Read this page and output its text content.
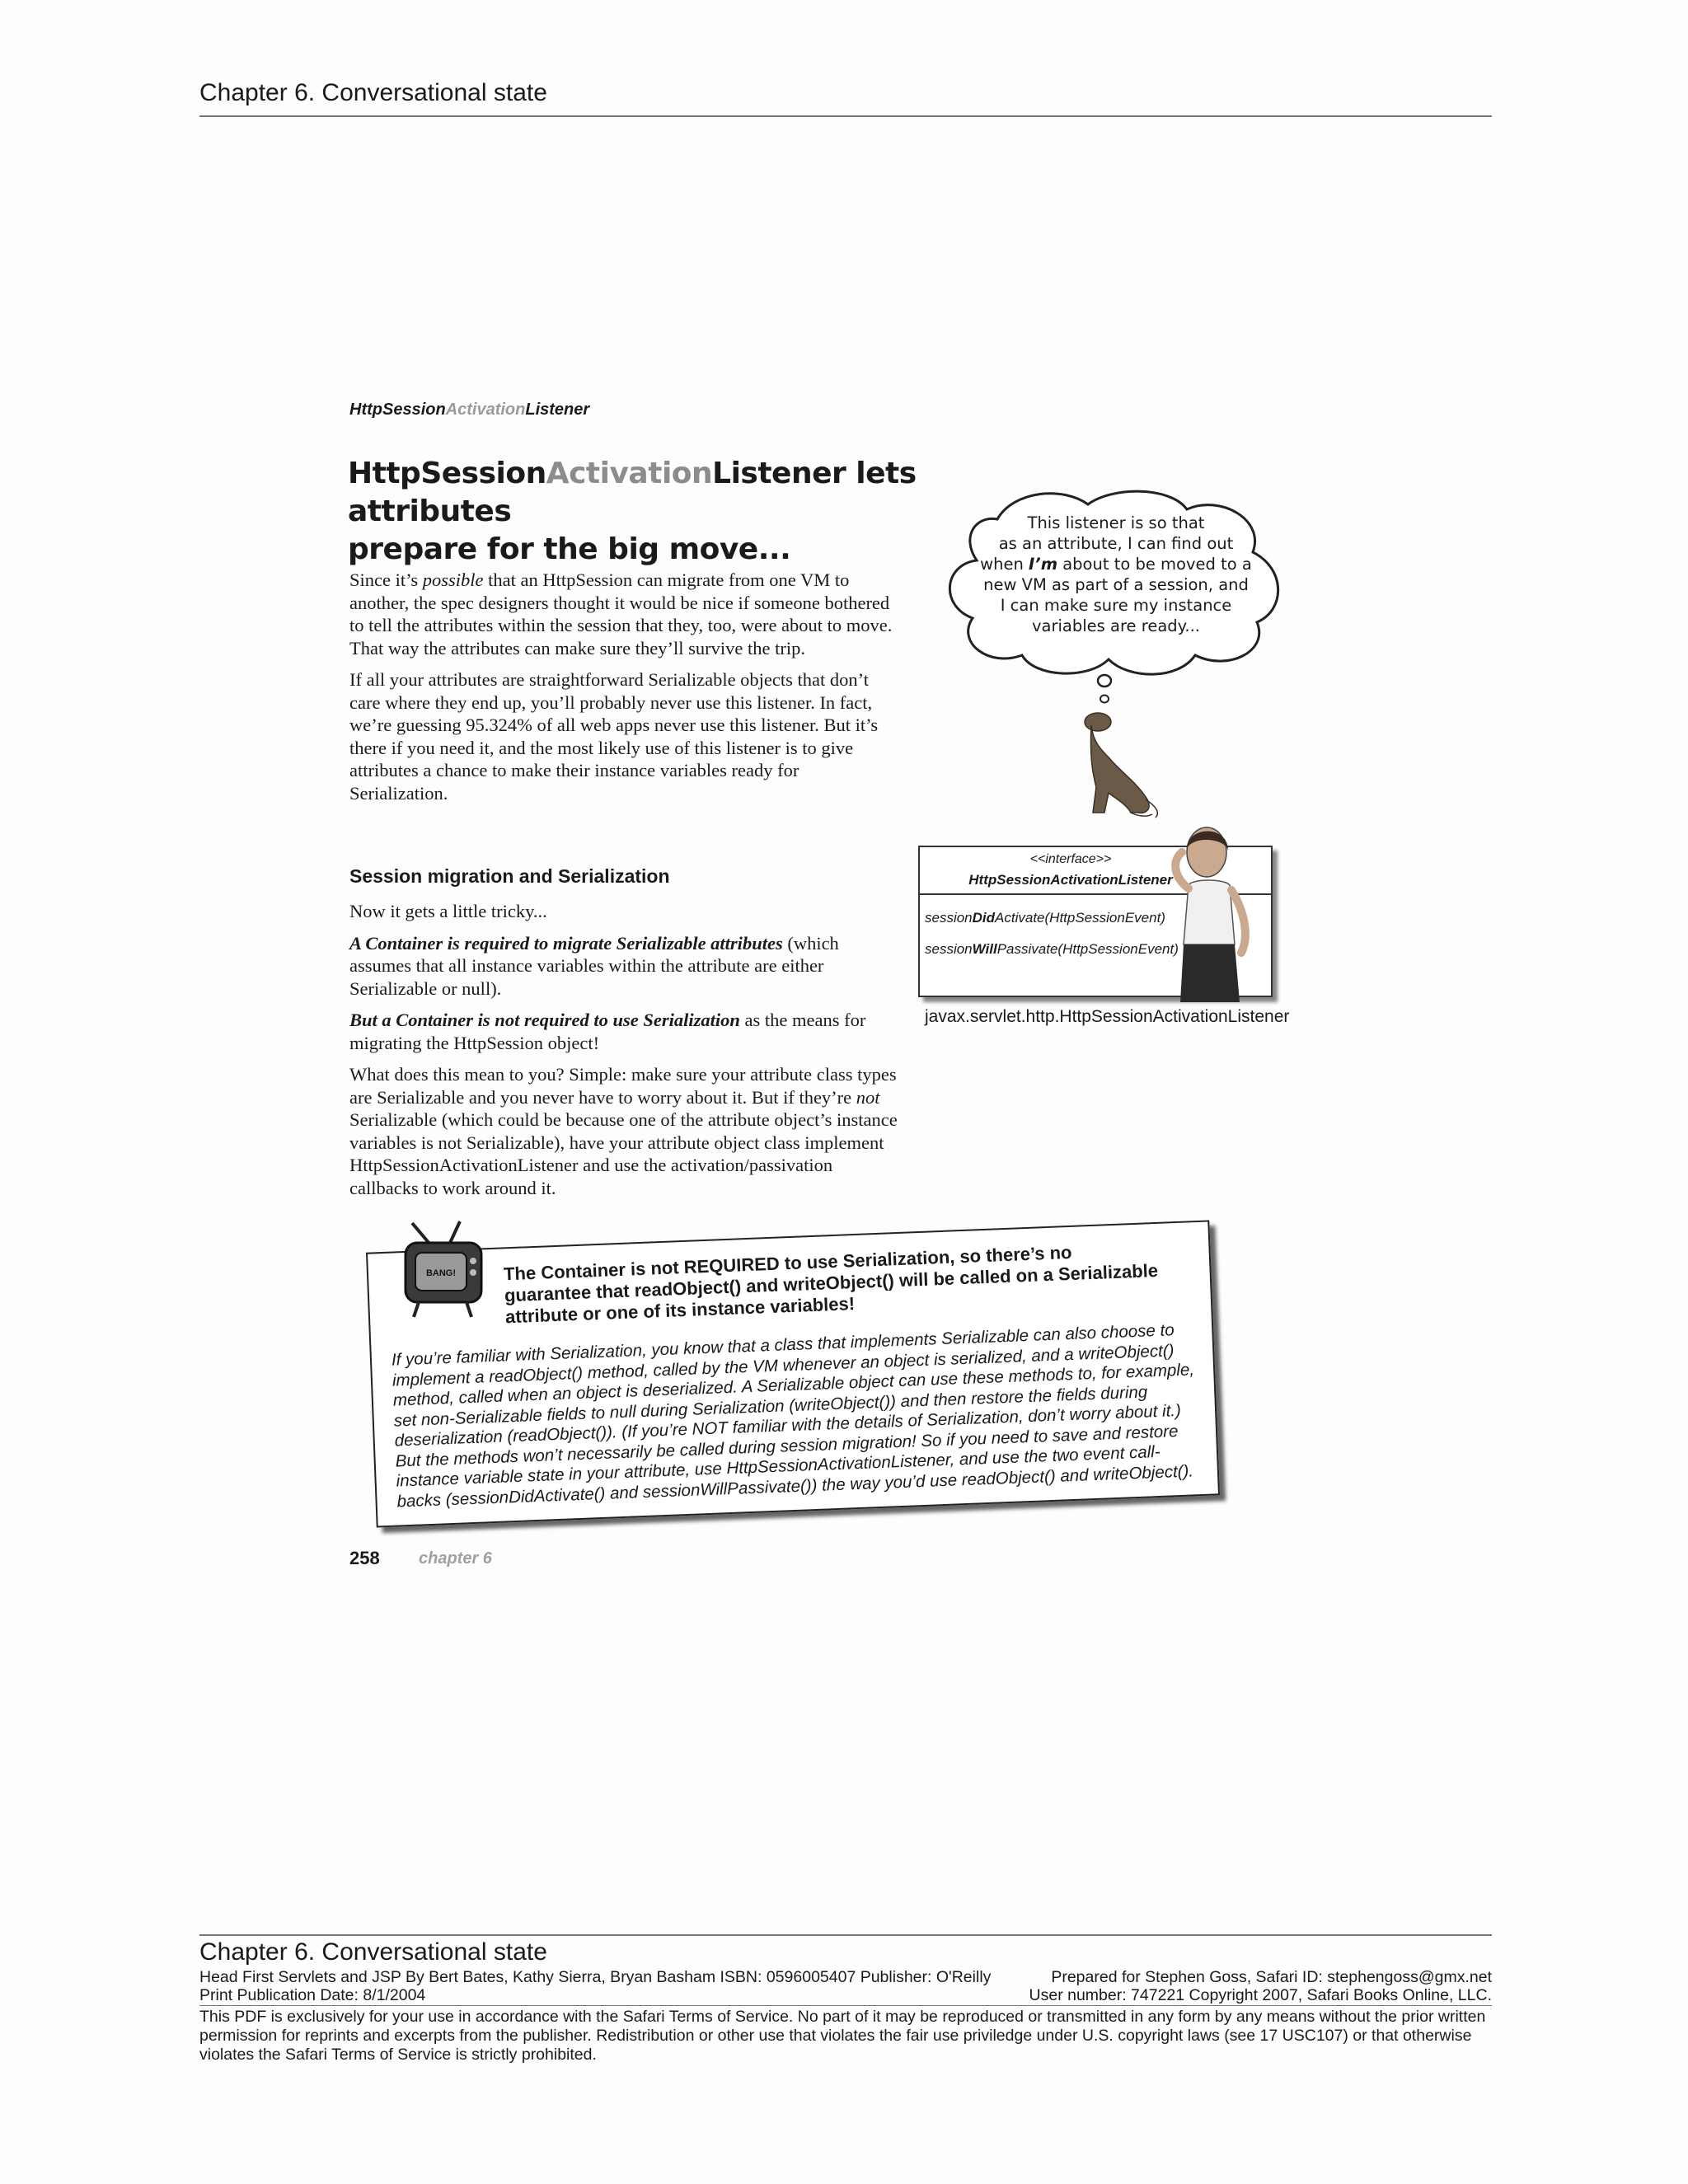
Chapter 6. Conversational state
HttpSessionActivationListener
HttpSessionActivationListener lets attributes
prepare for the big move...

Since it’s possible that an HttpSession can migrate from one VM to another, the spec designers thought it would be nice if someone bothered to tell the attributes within the session that they, too, were about to move. That way the attributes can make sure they’ll survive the trip.

If all your attributes are straightforward Serializable objects that don’t care where they end up, you’ll probably never use this listener. In fact, we’re guessing 95.324% of all web apps never use this listener. But it’s there if you need it, and the most likely use of this listener is to give attributes a chance to make their instance variables ready for Serialization.

Session migration and Serialization

Now it gets a little tricky...

A Container is required to migrate Serializable attributes (which assumes that all instance variables within the attribute are either Serializable or null).

But a Container is not required to use Serialization as the means for migrating the HttpSession object!

What does this mean to you? Simple: make sure your attribute class types are Serializable and you never have to worry about it. But if they’re not Serializable (which could be because one of the attribute object’s instance variables is not Serializable), have your attribute object class implement HttpSessionActivationListener and use the activation/passivation callbacks to work around it.

This listener is so that
as an attribute, I can find out
when I’m about to be moved to a
new VM as part of a session, and
I can make sure my instance
variables are ready...
<<interface>>
HttpSessionActivationListener
sessionDidActivate(HttpSessionEvent)
sessionWillPassivate(HttpSessionEvent)
javax.servlet.http.HttpSessionActivationListener
The Container is not REQUIRED to use Serialization, so there’s no guarantee that readObject() and writeObject() will be called on a Serializable attribute or one of its instance variables!
If you’re familiar with Serialization, you know that a class that implements Serializable can also choose to implement a readObject() method, called by the VM whenever an object is serialized, and a writeObject() method, called when an object is deserialized. A Serializable object can use these methods to, for example, set non-Serializable fields to null during Serialization (writeObject()) and then restore the fields during deserialization (readObject()). (If you’re NOT familiar with the details of Serialization, don’t worry about it.) But the methods won’t necessarily be called during session migration! So if you need to save and restore instance variable state in your attribute, use HttpSessionActivationListener, and use the two event call-backs (sessionDidActivate() and sessionWillPassivate()) the way you’d use readObject() and writeObject().
BANG!
258 chapter 6
Chapter 6. Conversational state
Head First Servlets and JSP By Bert Bates, Kathy Sierra, Bryan Basham ISBN: 0596005407 Publisher: O'Reilly	Prepared for Stephen Goss, Safari ID: stephengoss@gmx.net
Print Publication Date: 8/1/2004	User number: 747221 Copyright 2007, Safari Books Online, LLC.
This PDF is exclusively for your use in accordance with the Safari Terms of Service. No part of it may be reproduced or transmitted in any form by any means without the prior written permission for reprints and excerpts from the publisher. Redistribution or other use that violates the fair use priviledge under U.S. copyright laws (see 17 USC107) or that otherwise violates the Safari Terms of Service is strictly prohibited.
